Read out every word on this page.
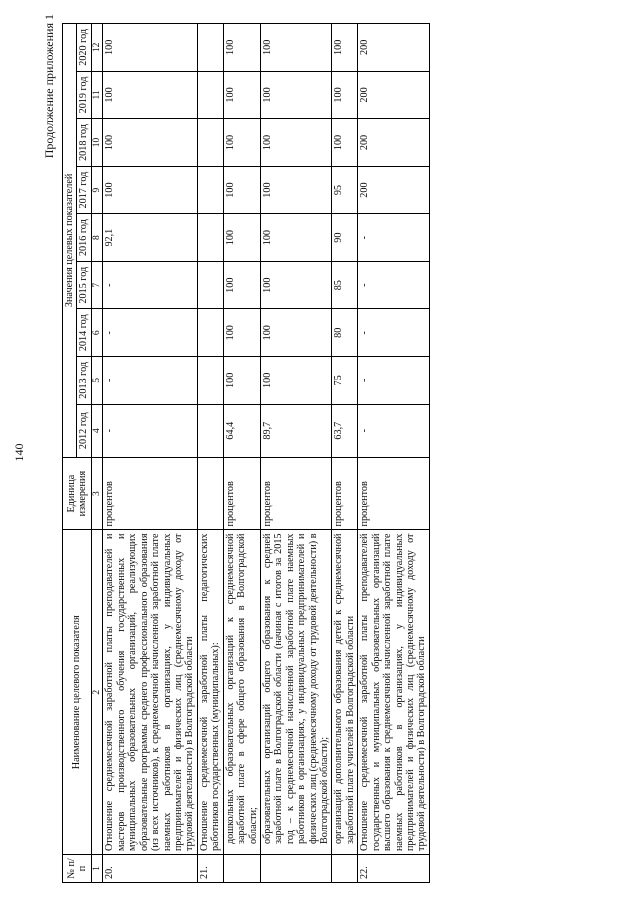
140
Продолжение приложения 1
№ п/п	Наименование целевого показателя	Единица измерения	Значения целевых показателей								
			2012 год	2013 год	2014 год	2015 год	2016 год	2017 год	2018 год	2019 год	2020 год
1	2	3	4	5	6	7	8	9	10	11	12
20.	Отношение среднемесячной заработной платы преподавателей и мастеров производственного обучения государственных и муниципальных образовательных организаций, реализующих образовательные программы среднего профессионального образования (из всех источников), к среднемесячной начисленной заработной плате наемных работников в организациях, у индивидуальных предпринимателей и физических лиц (среднемесячному доходу от трудовой деятельности) в Волгоградской области	процентов	-	-	-	-	92,1	100	100	100	100
21.	Отношение среднемесячной заработной платы педагогических работников государственных (муниципальных):										
	дошкольных образовательных организаций к среднемесячной заработной плате в сфере общего образования в Волгоградской области;	процентов	64,4	100	100	100	100	100	100	100	100
	образовательных организаций общего образования к средней заработной плате в Волгоградской области (начиная с итогов за 2015 год – к среднемесячной начисленной заработной плате наемных работников в организациях, у индивидуальных предпринимателей и физических лиц (среднемесячному доходу от трудовой деятельности) в Волгоградской области);	процентов	89,7	100	100	100	100	100	100	100	100
	организаций дополнительного образования детей к среднемесячной заработной плате учителей в Волгоградской области	процентов	63,7	75	80	85	90	95	100	100	100
22.	Отношение среднемесячной заработной платы преподавателей государственных и муниципальных образовательных организаций высшего образования к среднемесячной начисленной заработной плате наемных работников в организациях, у индивидуальных предпринимателей и физических лиц (среднемесячному доходу от трудовой деятельности) в Волгоградской области	процентов	-	-	-	-	-	200	200	200	200
